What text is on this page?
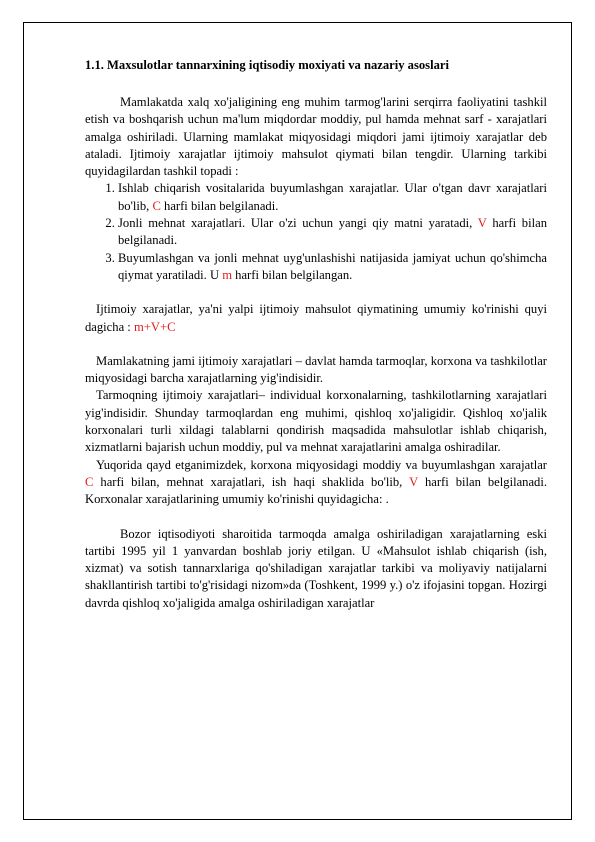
1.1. Maxsulotlar tannarxining iqtisodiy moxiyati va nazariy asoslari

Mamlakatda xalq xo'jaligining eng muhim tarmog'larini serqirra faoliyatini tashkil etish va boshqarish uchun ma'lum miqdordar moddiy, pul hamda mehnat sarf - xarajatlari amalga oshiriladi. Ularning mamlakat miqyosidagi miqdori jami ijtimoiy xarajatlar deb ataladi. Ijtimoiy xarajatlar ijtimoiy mahsulot qiymati bilan tengdir. Ularning tarkibi quyidagilardan tashkil topadi :

1. Ishlab chiqarish vositalarida buyumlashgan xarajatlar. Ular o'tgan davr xarajatlari bo'lib, C harfi bilan belgilanadi.
2. Jonli mehnat xarajatlari. Ular o'zi uchun yangi qiy matni yaratadi, V harfi bilan belgilanadi.
3. Buyumlashgan va jonli mehnat uyg'unlashishi natijasida jamiyat uchun qo'shimcha qiymat yaratiladi. U m harfi bilan belgilangan.

Ijtimoiy xarajatlar, ya'ni yalpi ijtimoiy mahsulot qiymatining umumiy ko'rinishi quyi dagicha : m+V+C

Mamlakatning jami ijtimoiy xarajatlari – davlat hamda tarmoqlar, korxona va tashkilotlar miqyosidagi barcha xarajatlarning yig'indisidir.

Tarmoqning ijtimoiy xarajatlari– individual korxonalarning, tashkilotlarning xarajatlari yig'indisidir. Shunday tarmoqlardan eng muhimi, qishloq xo'jaligidir. Qishloq xo'jalik korxonalari turli xildagi talablarni qondirish maqsadida mahsulotlar ishlab chiqarish, xizmatlarni bajarish uchun moddiy, pul va mehnat xarajatlarini amalga oshiradilar.

Yuqorida qayd etganimizdek, korxona miqyosidagi moddiy va buyumlashgan xarajatlar C harfi bilan, mehnat xarajatlari, ish haqi shaklida bo'lib, V harfi bilan belgilanadi. Korxonalar xarajatlarining umumiy ko'rinishi quyidagicha: .

Bozor iqtisodiyoti sharoitida tarmoqda amalga oshiriladigan xarajatlarning eski tartibi 1995 yil 1 yanvardan boshlab joriy etilgan. U «Mahsulot ishlab chiqarish (ish, xizmat) va sotish tannarxlariga qo'shiladigan xarajatlar tarkibi va moliyaviy natijalarni shakllantirish tartibi to'g'risidagi nizom»da (Toshkent, 1999 y.) o'z ifojasini topgan. Hozirgi davrda qishloq xo'jaligida amalga oshiriladigan xarajatlar
